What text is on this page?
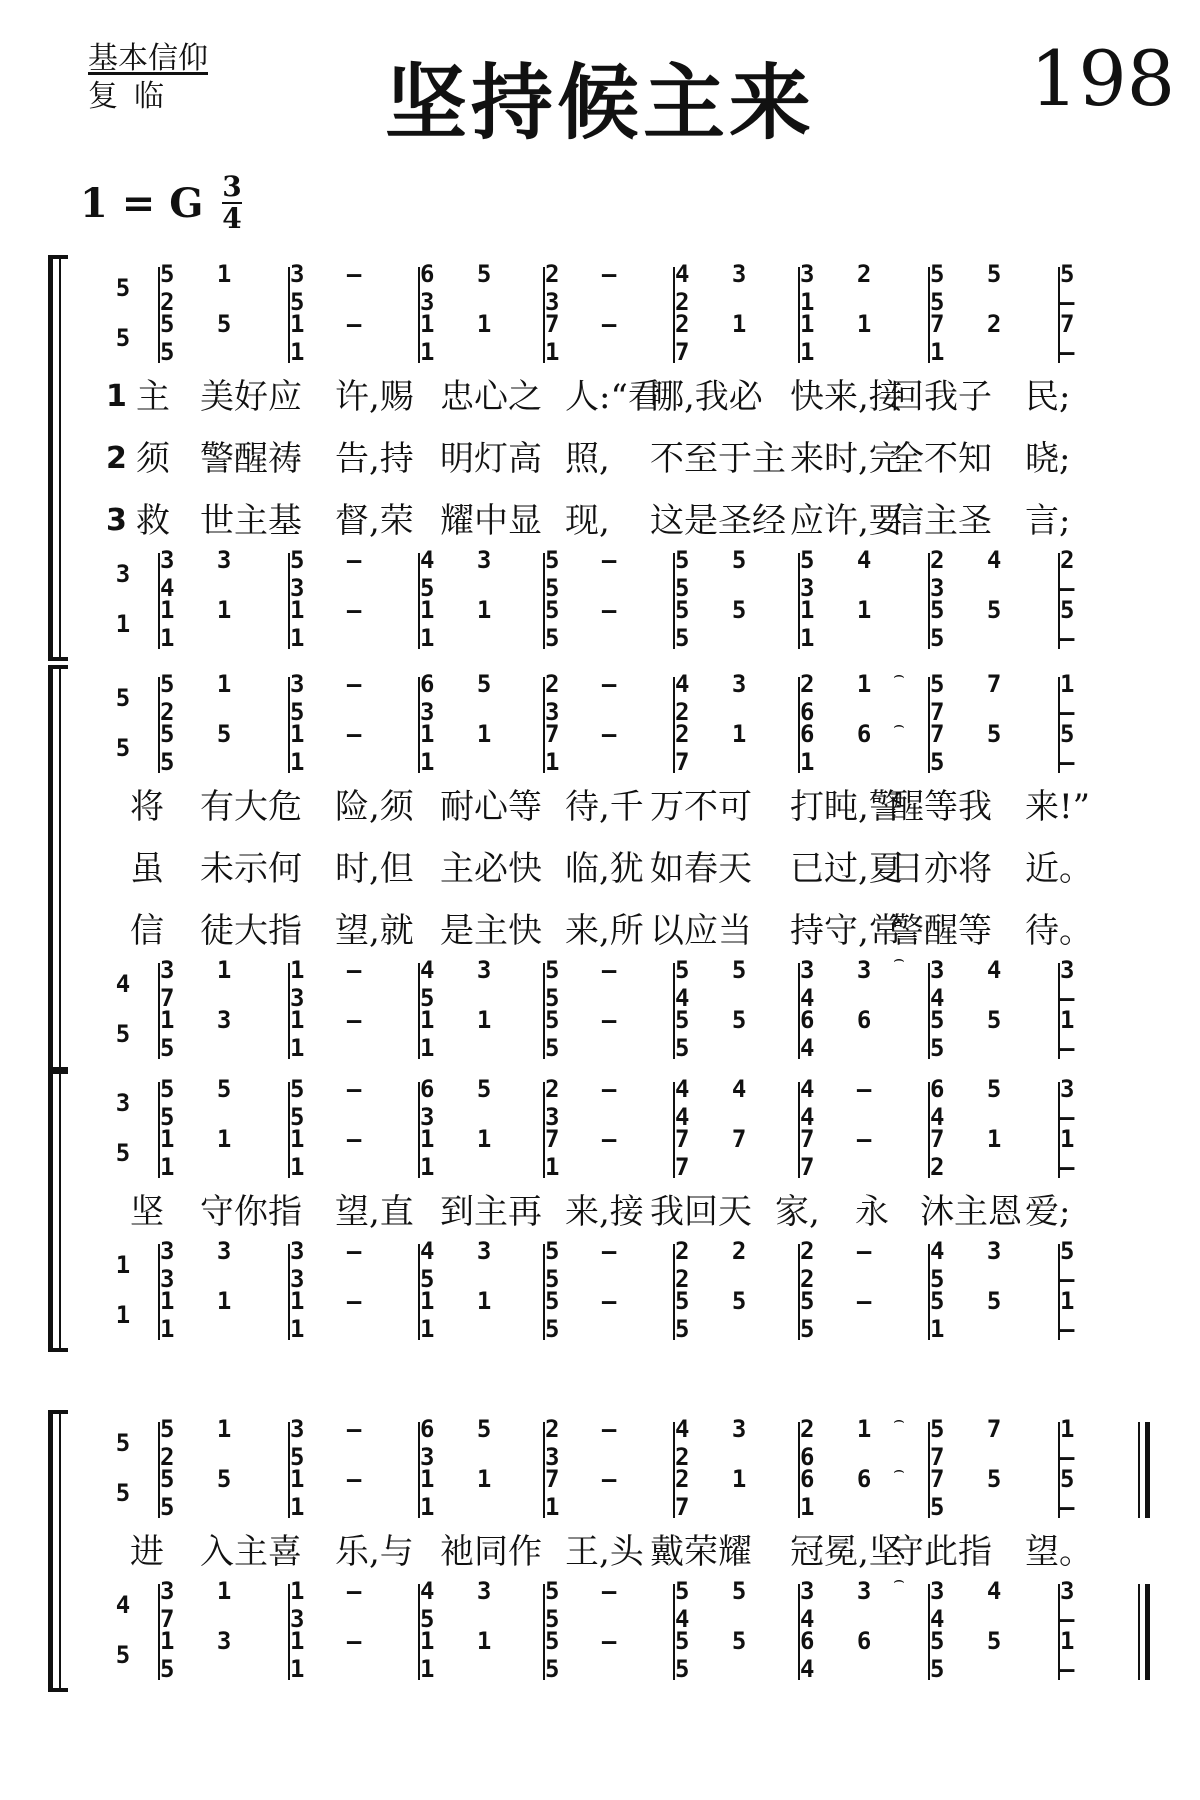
基本信仰
复临	坚持候主来	198
1 = G 3
4
5 5 1 2
3 – 5
6 5 3
2 – 3
4 3 2
3 2 1
5 5 5
5 –
5 5 5 5
1 – 1
1 1 1
7 – 1
2 1 7
1 1 1
7 2 1
7 –
1 主 美好应 许,赐 忠心之 人:“看
哪,我必 快来,接
回我子 民;
2 须 警醒祷 告,持 明灯高 照, 不至于主 来时,完
全不知 晓;
3 救 世主基 督,荣 耀中显 现, 这是圣经 应许,要
信主圣 言;
3 3 3 4
5 – 3
4 3 5
5 – 5
5 5 5
5 4 3
2 4 3
2 –
1 1 1 1
1 – 1
1 1 1
5 – 5
5 5 5
1 1 1
5 5 5
5 –
5 5 1 2
3 – 5
6 5 3
2 – 3
4 3 2
2 1 6
5 7 7
1 –
5 5 5 5
1 – 1
1 1 1
7 – 1
2 1 7
6 6 1
7 5 5
5 –
将 有大危 险,须 耐心等 待,千 万不可 打盹,警
醒等我 来!”
虽 未示何 时,但 主必快 临,犹 如春天 已过,夏
日亦将 近。
信 徒大指 望,就 是主快 来,所 以应当 持守,常
警醒等 待。
4 3 1 7
1 – 3
4 3 5
5 – 5
5 5 4
3 3 4
3 4 4
3 –
5 1 3 5
1 – 1
1 1 1
5 – 5
5 5 5
6 6 4
5 5 5
1 –
⌢
⌢
⌢
3 5 5 5
5 – 5
6 5 3
2 – 3
4 4 4
4 – 4
6 5 4
3 –
5 1 1 1
1 – 1
1 1 1
7 – 1
7 7 7
7 – 7
7 1 2
1 –
坚 守你指 望,直 到主再 来,接 我回天 家, 永 沐主恩 爱;
1 3 3 3
3 – 3
4 3 5
5 – 5
2 2 2
2 – 2
4 3 5
5 –
1 1 1 1
1 – 1
1 1 1
5 – 5
5 5 5
5 – 5
5 5 1
1 –
5 5 1 2
3 – 5
6 5 3
2 – 3
4 3 2
2 1 6
5 7 7
1 –
5 5 5 5
1 – 1
1 1 1
7 – 1
2 1 7
6 6 1
7 5 5
5 –
进 入主喜 乐,与 祂同作 王,头 戴荣耀 冠冕,坚
守此指 望。
4 3 1 7
1 – 3
4 3 5
5 – 5
5 5 4
3 3 4
3 4 4
3 –
5 1 3 5
1 – 1
1 1 1
5 – 5
5 5 5
6 6 4
5 5 5
1 –
⌢
⌢
⌢
